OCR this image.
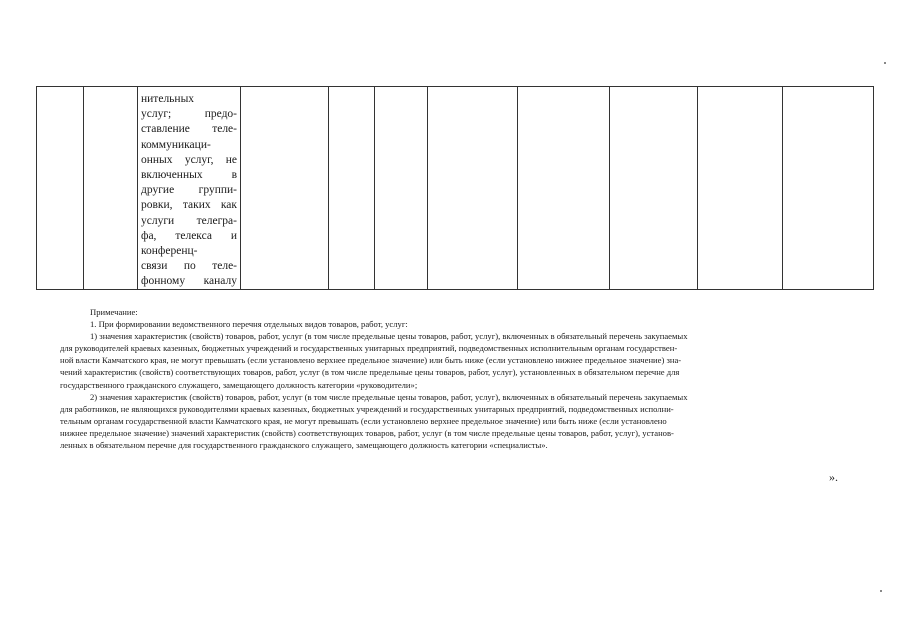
нительных
услуг; предо-
ставление теле-
коммуникаци-
онных услуг, не
включенных в
другие группи-
ровки, таких как
услуги телегра-
фа, телекса и
конференц-
связи по теле-
фонному каналу
Примечание:
1. При формировании ведомственного перечня отдельных видов товаров, работ, услуг:
1) значения характеристик (свойств) товаров, работ, услуг (в том числе предельные цены товаров, работ, услуг), включенных в обязательный перечень закупаемых
для руководителей краевых казенных, бюджетных учреждений и государственных унитарных предприятий, подведомственных исполнительным органам государствен-
ной власти Камчатского края, не могут превышать (если установлено верхнее предельное значение) или быть ниже (если установлено нижнее предельное значение) зна-
чений характеристик (свойств) соответствующих товаров, работ, услуг (в том числе предельные цены товаров, работ, услуг), установленных в обязательном перечне для
государственного гражданского служащего, замещающего должность категории «руководители»;
2) значения характеристик (свойств) товаров, работ, услуг (в том числе предельные цены товаров, работ, услуг), включенных в обязательный перечень закупаемых
для работников, не являющихся руководителями краевых казенных, бюджетных учреждений и государственных унитарных предприятий, подведомственных исполни-
тельным органам государственной власти Камчатского края, не могут превышать (если установлено верхнее предельное значение) или быть ниже (если установлено
нижнее предельное значение) значений характеристик (свойств) соответствующих товаров, работ, услуг (в том числе предельные цены товаров, работ, услуг), установ-
ленных в обязательном перечне для государственного гражданского служащего, замещающего должность категории «специалисты».
».
